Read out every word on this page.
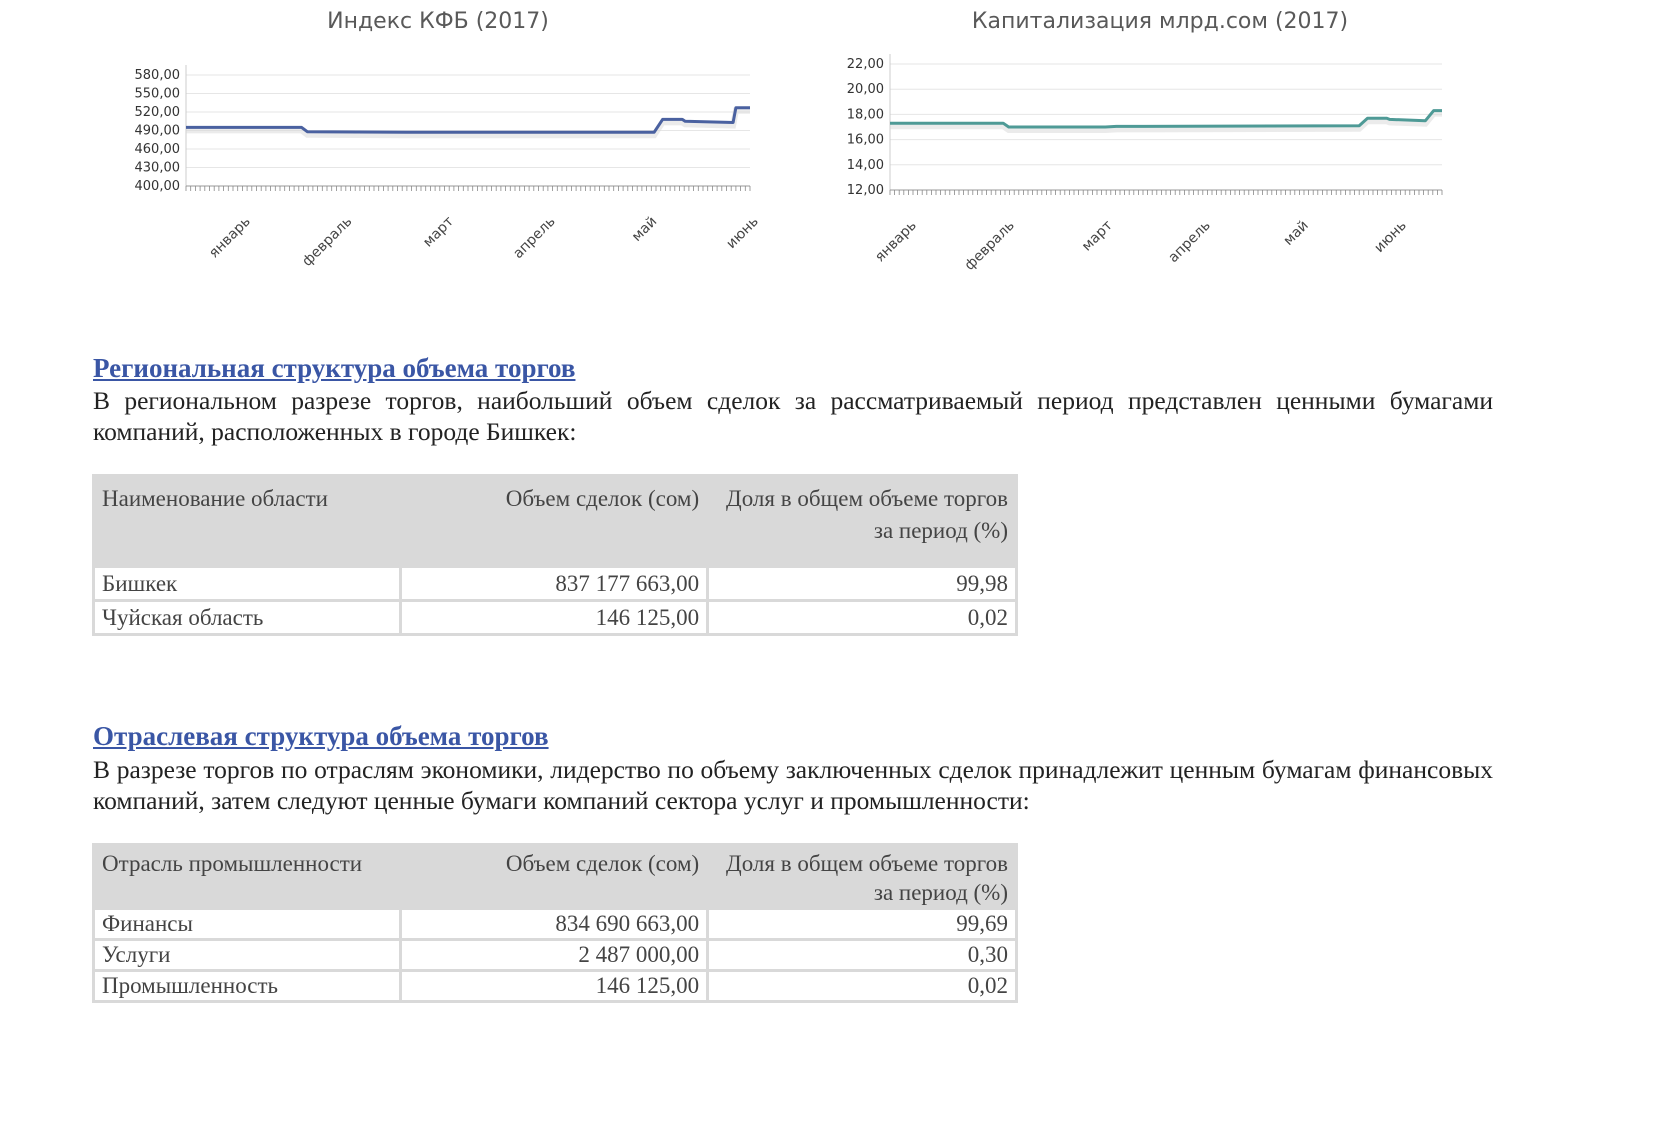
Индекс КФБ (2017)
400,00
430,00
460,00
490,00
520,00
550,00
580,00
январь	февраль	март	апрель	май	июнь
Капитализация млрд.сом (2017)
12,00
14,00
16,00
18,00
20,00
22,00
январь	февраль	март	апрель	май	июнь
Региональная структура объема торгов

В региональном разрезе торгов, наибольший объем сделок за рассматриваемый период представлен ценными бумагами компаний, расположенных в городе Бишкек:

Наименование области	Объем сделок (сом)	Доля в общем объеме торгов за период (%)
Бишкек	837 177 663,00	99,98
Чуйская область	146 125,00	0,02
Отраслевая структура объема торгов

В разрезе торгов по отраслям экономики, лидерство по объему заключенных сделок принадлежит ценным бумагам финансовых компаний, затем следуют ценные бумаги компаний сектора услуг и промышленности:

Отрасль промышленности	Объем сделок (сом)	Доля в общем объеме торгов за период (%)
Финансы	834 690 663,00	99,69
Услуги	2 487 000,00	0,30
Промышленность	146 125,00	0,02
